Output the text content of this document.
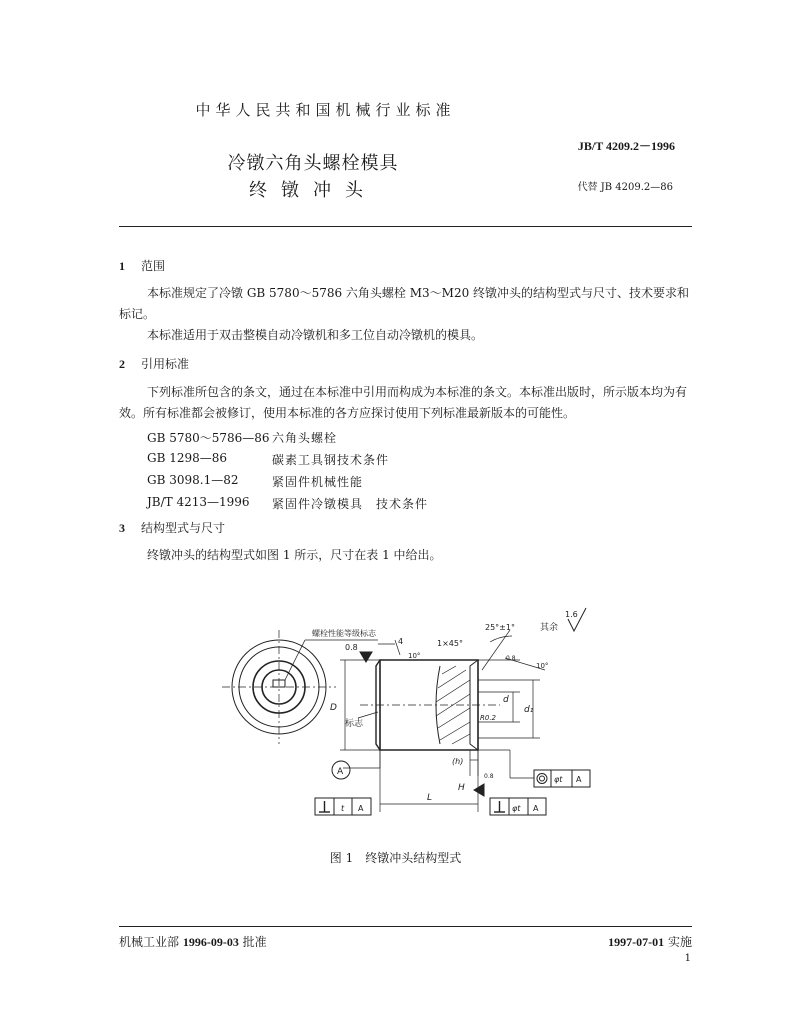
中华人民共和国机械行业标准
JB/T 4209.2－1996
冷镦六角头螺栓模具
终镦冲头	代替 JB 4209.2—86
1 范围
本标准规定了冷镦 GB 5780～5786 六角头螺栓 M3～M20 终镦冲头的结构型式与尺寸、技术要求和标记。
本标准适用于双击整模自动冷镦机和多工位自动冷镦机的模具。
2 引用标准
下列标准所包含的条文，通过在本标准中引用而构成为本标准的条文。本标准出版时，所示版本均为有效。所有标准都会被修订，使用本标准的各方应探讨使用下列标准最新版本的可能性。
GB 5780～5786—86 六角头螺栓
GB 1298—86	碳素工具钢技术条件
GB 3098.1—82	紧固件机械性能
JB/T 4213—1996 紧固件冷镦模具　技术条件
3 结构型式与尺寸
终镦冲头的结构型式如图 1 所示，尺寸在表 1 中给出。
螺栓性能等级标志
其余
1.6
0.8	1×45°
25°±1°
10°
10°
4
D	d₁
d
R0.2
标志
A
(h)
H
L
t A	φt A
φt A
0.8
0.8
图 1　终镦冲头结构型式
机械工业部 1996-09-03 批准	1997-07-01 实施
1
